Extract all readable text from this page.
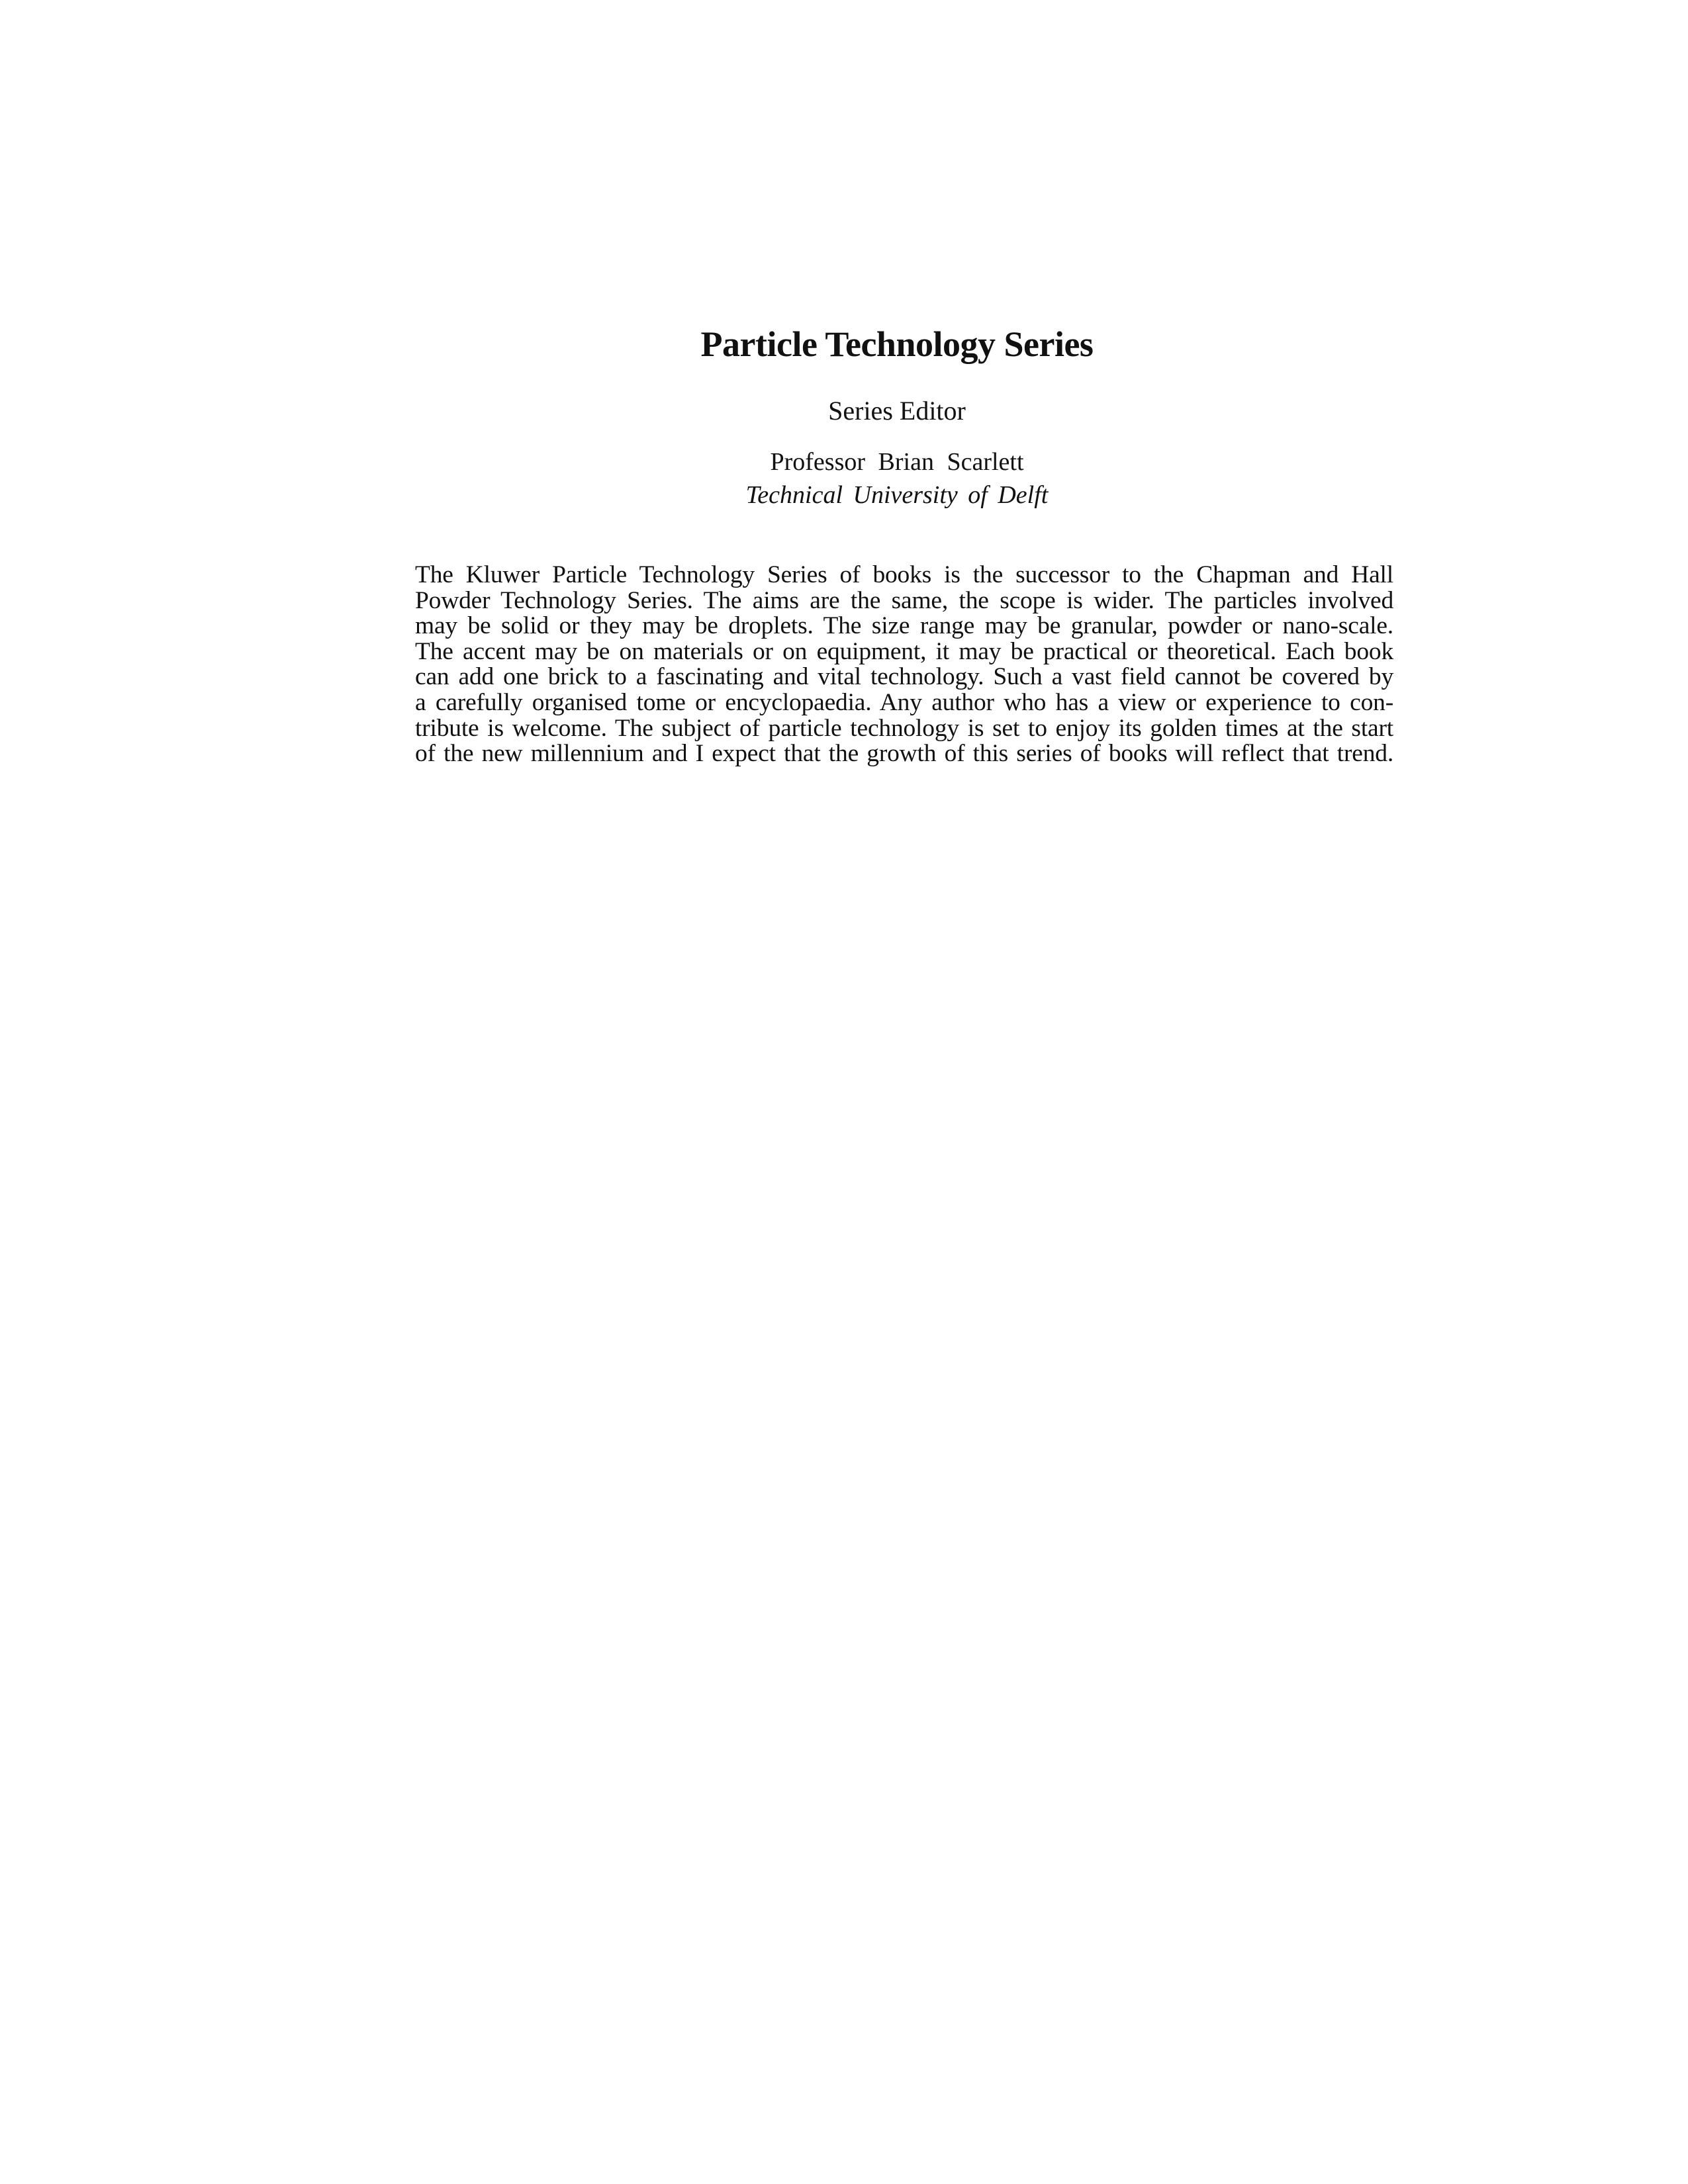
Particle Technology Series
Series Editor
Professor Brian Scarlett
Technical University of Delft
The Kluwer Particle Technology Series of books is the successor to the Chapman and Hall
Powder Technology Series. The aims are the same, the scope is wider. The particles involved
may be solid or they may be droplets. The size range may be granular, powder or nano-scale.
The accent may be on materials or on equipment, it may be practical or theoretical. Each book
can add one brick to a fascinating and vital technology. Such a vast field cannot be covered by
a carefully organised tome or encyclopaedia. Any author who has a view or experience to con-
tribute is welcome. The subject of particle technology is set to enjoy its golden times at the start
of the new millennium and I expect that the growth of this series of books will reflect that trend.
